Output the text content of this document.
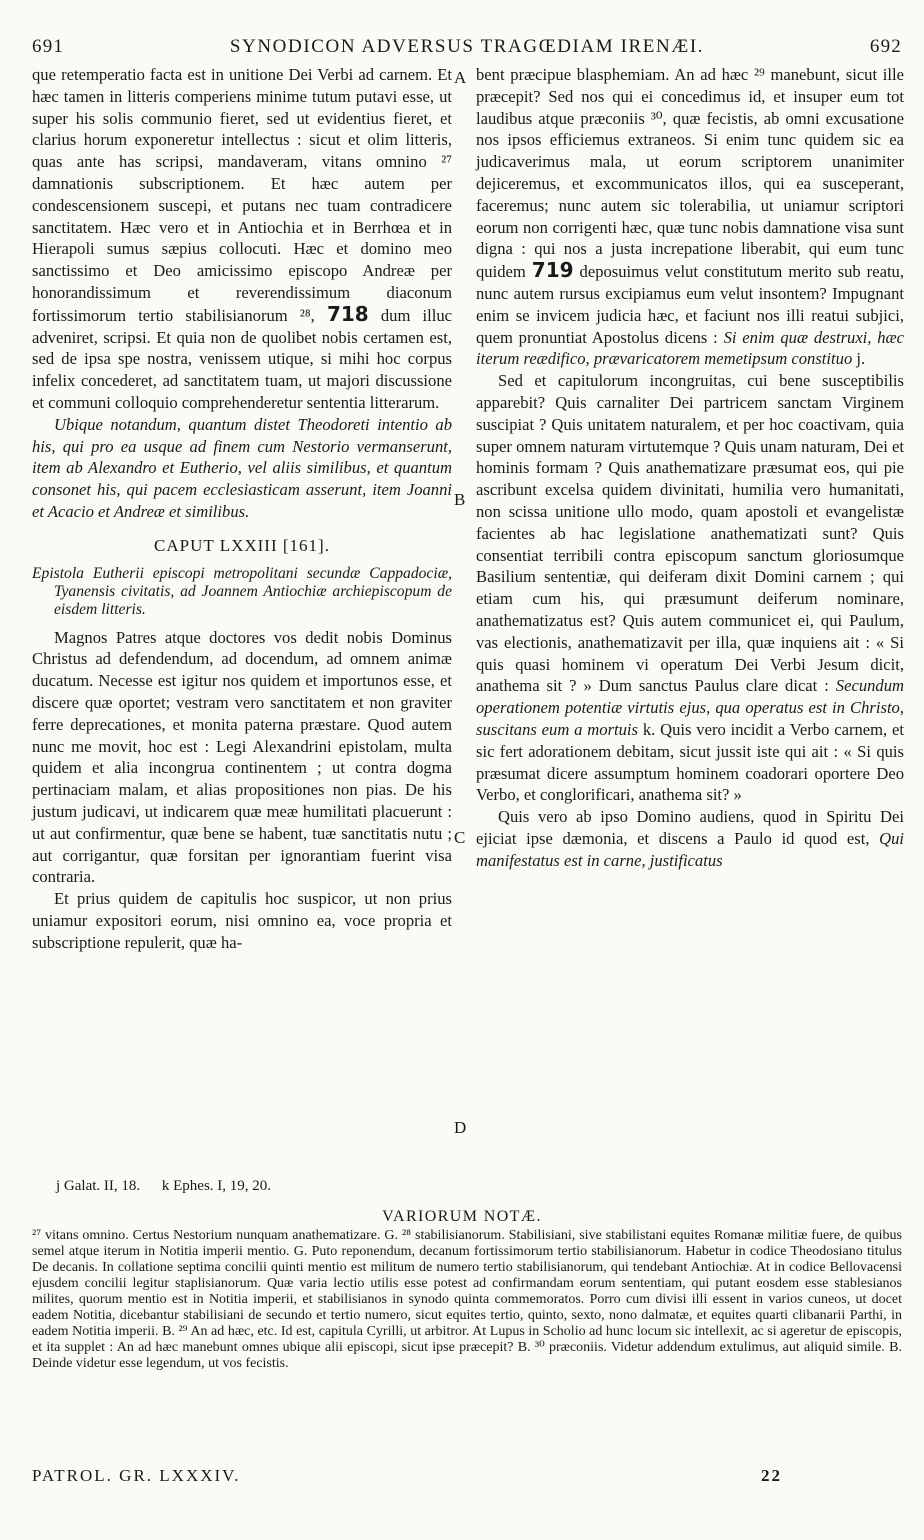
691	SYNODICON ADVERSUS TRAGŒDIAM IRENÆI.	692

que retemperatio facta est in unitione Dei Verbi ad carnem. Et hæc tamen in litteris comperiens minime tutum putavi esse, ut super his solis communio fieret, sed ut evidentius fieret, et clarius horum exponeretur intellectus : sicut et olim litteris, quas ante has scripsi, mandaveram, vitans omnino ²⁷ damnationis subscriptionem. Et hæc autem per condescensionem suscepi, et putans nec tuam contradicere sanctitatem. Hæc vero et in Antiochia et in Berrhœa et in Hierapoli sumus sæpius collocuti. Hæc et domino meo sanctissimo et Deo amicissimo episcopo Andreæ per honorandissimum et reverendissimum diaconum fortissimorum tertio stabilisianorum ²⁸, 718 dum illuc adveniret, scripsi. Et quia non de quolibet nobis certamen est, sed de ipsa spe nostra, venissem utique, si mihi hoc corpus infelix concederet, ad sanctitatem tuam, ut majori discussione et communi colloquio comprehenderetur sententia litterarum.

Ubique notandum, quantum distet Theodoreti intentio ab his, qui pro ea usque ad finem cum Nestorio vermanserunt, item ab Alexandro et Eutherio, vel aliis similibus, et quantum consonet his, qui pacem ecclesiasticam asserunt, item Joanni et Acacio et Andreæ et similibus.

CAPUT LXXIII [161].

Epistola Eutherii episcopi metropolitani secundæ Cappadociæ, Tyanensis civitatis, ad Joannem Antiochiæ archiepiscopum de eisdem litteris.

Magnos Patres atque doctores vos dedit nobis Dominus Christus ad defendendum, ad docendum, ad omnem animæ ducatum. Necesse est igitur nos quidem et importunos esse, et discere quæ oportet; vestram vero sanctitatem et non graviter ferre deprecationes, et monita paterna præstare. Quod autem nunc me movit, hoc est : Legi Alexandrini epistolam, multa quidem et alia incongrua continentem ; ut contra dogma pertinaciam malam, et alias propositiones non pias. De his justum judicavi, ut indicarem quæ meæ humilitati placuerunt : ut aut confirmentur, quæ bene se habent, tuæ sanctitatis nutu ; aut corrigantur, quæ forsitan per ignorantiam fuerint visa contraria.

Et prius quidem de capitulis hoc suspicor, ut non prius uniamur expositori eorum, nisi omnino ea, voce propria et subscriptione repulerit, quæ ha-

A
B
C
D

bent præcipue blasphemiam. An ad hæc ²⁹ manebunt, sicut ille præcepit? Sed nos qui ei concedimus id, et insuper eum tot laudibus atque præconiis ³⁰, quæ fecistis, ab omni excusatione nos ipsos efficiemus extraneos. Si enim tunc quidem sic ea judicaverimus mala, ut eorum scriptorem unanimiter dejiceremus, et excommunicatos illos, qui ea susceperant, faceremus; nunc autem sic tolerabilia, ut uniamur scriptori eorum non corrigenti hæc, quæ tunc nobis damnatione visa sunt digna : qui nos a justa increpatione liberabit, qui eum tunc quidem 719 deposuimus velut constitutum merito sub reatu, nunc autem rursus excipiamus eum velut insontem? Impugnant enim se invicem judicia hæc, et faciunt nos illi reatui subjici, quem pronuntiat Apostolus dicens : Si enim quæ destruxi, hæc iterum reædifico, prævaricatorem memetipsum constituo j.

Sed et capitulorum incongruitas, cui bene susceptibilis apparebit? Quis carnaliter Dei partricem sanctam Virginem suscipiat ? Quis unitatem naturalem, et per hoc coactivam, quia super omnem naturam virtutemque ? Quis unam naturam, Dei et hominis formam ? Quis anathematizare præsumat eos, qui pie ascribunt excelsa quidem divinitati, humilia vero humanitati, non scissa unitione ullo modo, quam apostoli et evangelistæ facientes ab hac legislatione anathematizati sunt? Quis consentiat terribili contra episcopum sanctum gloriosumque Basilium sententiæ, qui deiferam dixit Domini carnem ; qui etiam cum his, qui præsumunt deiferum nominare, anathematizatus est? Quis autem communicet ei, qui Paulum, vas electionis, anathematizavit per illa, quæ inquiens ait : « Si quis quasi hominem vi operatum Dei Verbi Jesum dicit, anathema sit ? » Dum sanctus Paulus clare dicat : Secundum operationem potentiæ virtutis ejus, qua operatus est in Christo, suscitans eum a mortuis k. Quis vero incidit a Verbo carnem, et sic fert adorationem debitam, sicut jussit iste qui ait : « Si quis præsumat dicere assumptum hominem coadorari oportere Deo Verbo, et conglorificari, anathema sit? »

Quis vero ab ipso Domino audiens, quod in Spiritu Dei ejiciat ipse dæmonia, et discens a Paulo id quod est, Qui manifestatus est in carne, justificatus

j Galat. II, 18. k Ephes. I, 19, 20.
VARIORUM NOTÆ.
²⁷ vitans omnino. Certus Nestorium nunquam anathematizare. G. ²⁸ stabilisianorum. Stabilisiani, sive stabilistani equites Romanæ militiæ fuere, de quibus semel atque iterum in Notitia imperii mentio. G. Puto reponendum, decanum fortissimorum tertio stabilisianorum. Habetur in codice Theodosiano titulus De decanis. In collatione septima concilii quinti mentio est militum de numero tertio stabilisianorum, qui tendebant Antiochiæ. At in codice Bellovacensi ejusdem concilii legitur staplisianorum. Quæ varia lectio utilis esse potest ad confirmandam eorum sententiam, qui putant eosdem esse stablesianos milites, quorum mentio est in Notitia imperii, et stabilisianos in synodo quinta commemoratos. Porro cum divisi illi essent in varios cuneos, ut docet eadem Notitia, dicebantur stabilisiani de secundo et tertio numero, sicut equites tertio, quinto, sexto, nono dalmatæ, et equites quarti clibanarii Parthi, in eadem Notitia imperii. B. ²⁹ An ad hæc, etc. Id est, capitula Cyrilli, ut arbitror. At Lupus in Scholio ad hunc locum sic intellexit, ac si ageretur de episcopis, et ita supplet : An ad hæc manebunt omnes ubique alii episcopi, sicut ipse præcepit? B. ³⁰ præconiis. Videtur addendum extulimus, aut aliquid simile. B. Deinde videtur esse legendum, ut vos fecistis.
PATROL. GR. LXXXIV.	22
